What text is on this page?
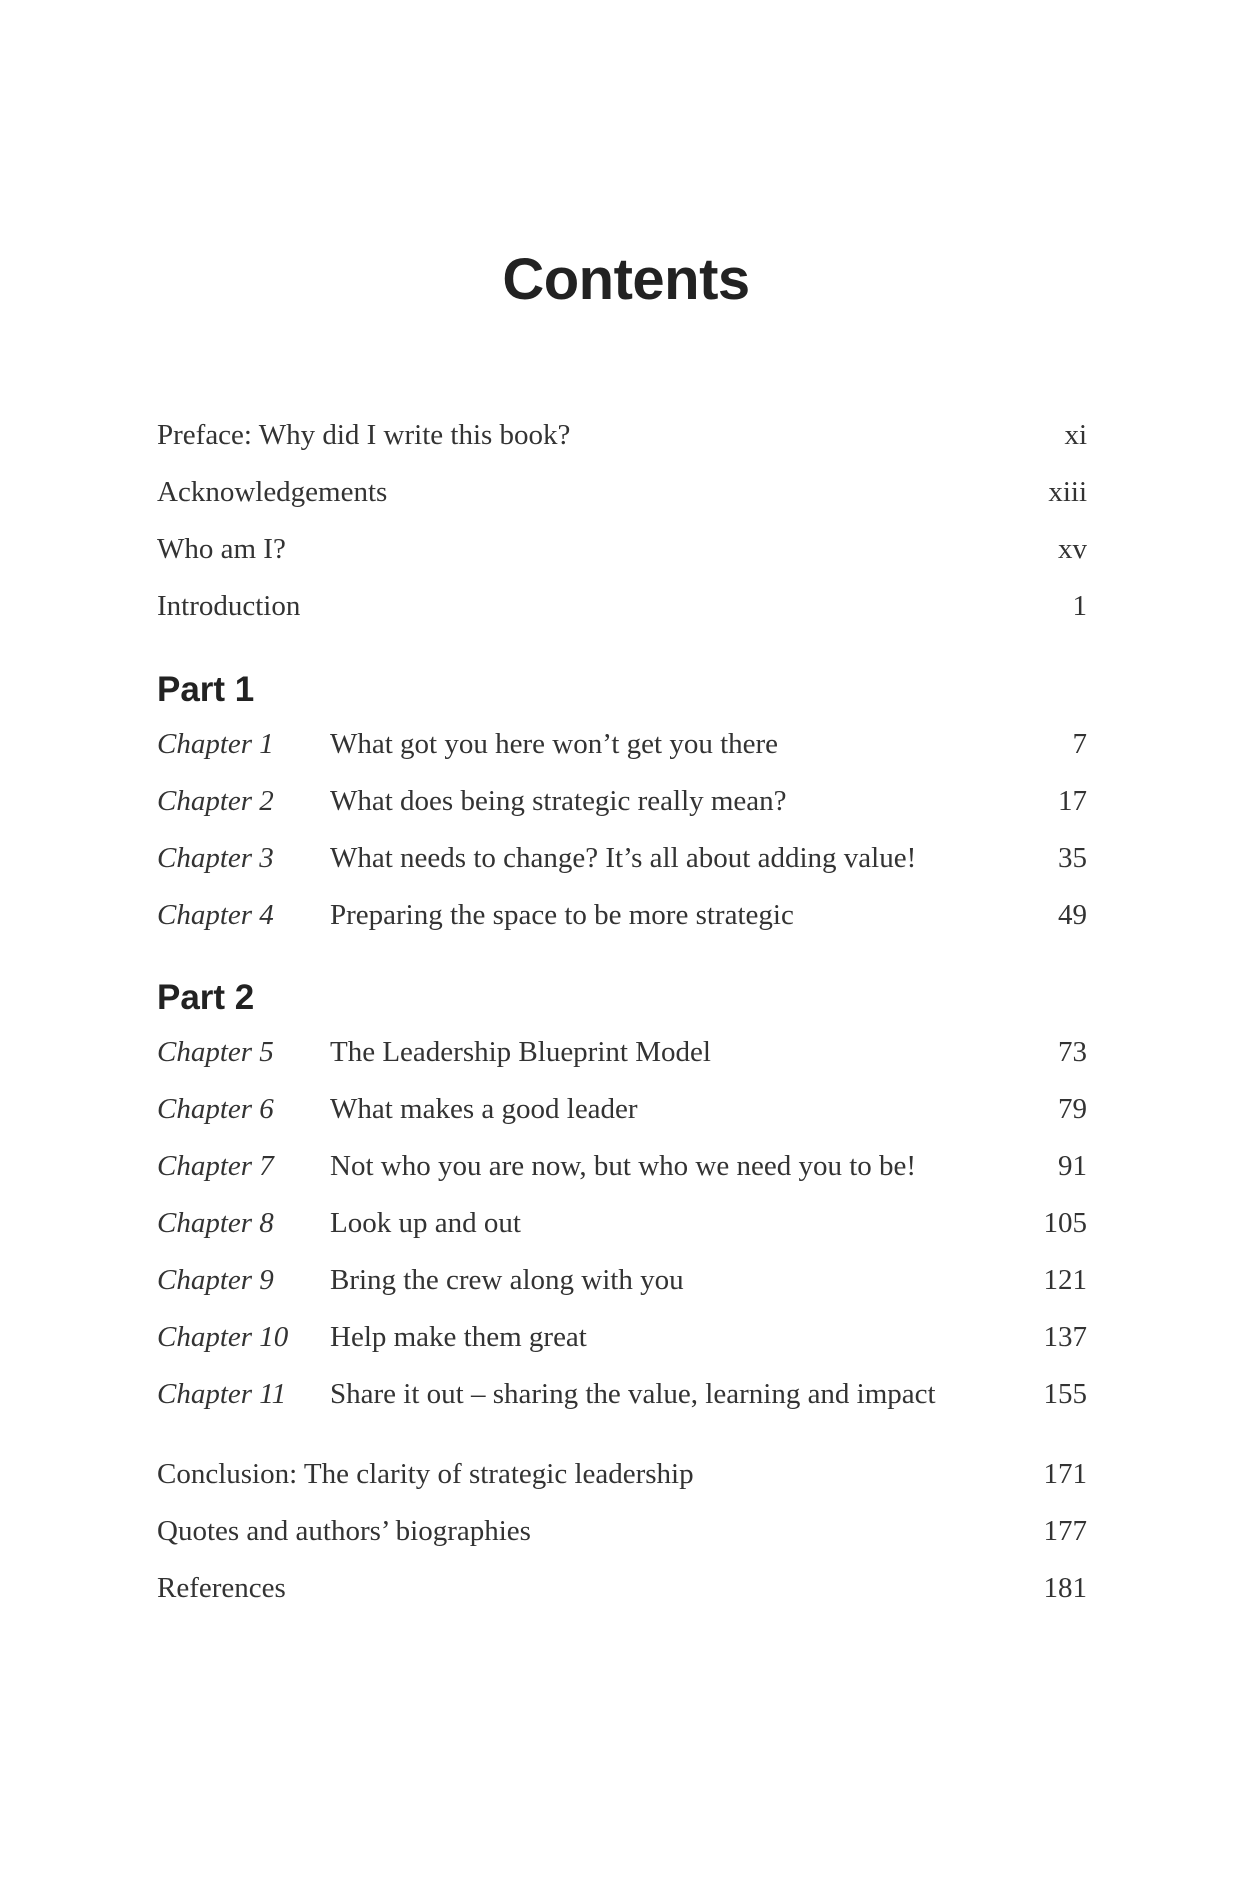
Contents
Preface: Why did I write this book?	xi
Acknowledgements	xiii
Who am I?	xv
Introduction	1
Part 1
Chapter 1 What got you here won’t get you there	7
Chapter 2 What does being strategic really mean?	17
Chapter 3 What needs to change? It’s all about adding value!	35
Chapter 4 Preparing the space to be more strategic	49
Part 2
Chapter 5 The Leadership Blueprint Model	73
Chapter 6 What makes a good leader	79
Chapter 7 Not who you are now, but who we need you to be!	91
Chapter 8 Look up and out	105
Chapter 9 Bring the crew along with you	121
Chapter 10 Help make them great	137
Chapter 11 Share it out – sharing the value, learning and impact	155
Conclusion: The clarity of strategic leadership	171
Quotes and authors’ biographies	177
References	181
